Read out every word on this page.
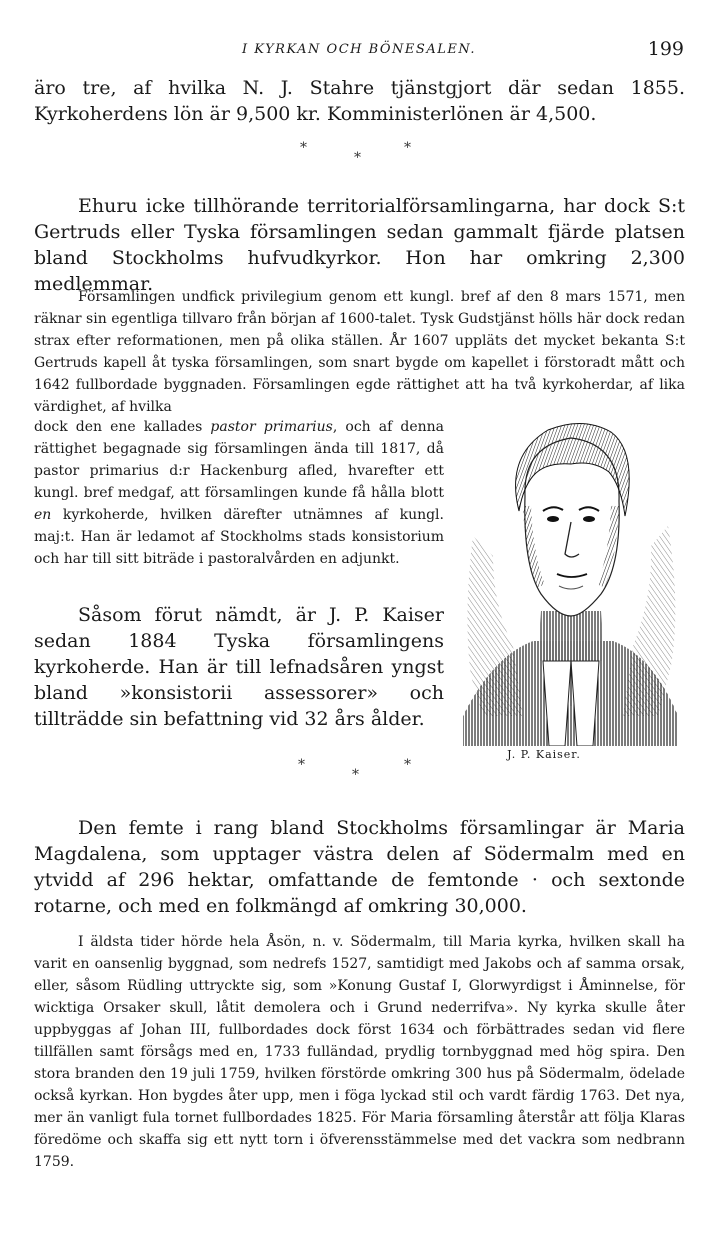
I KYRKAN OCH BÖNESALEN.	199

äro tre, af hvilka N. J. Stahre tjänstgjort där sedan 1855. Kyrkoherdens lön är 9,500 kr. Komministerlönen är 4,500.

*
*
*

Ehuru icke tillhörande territorialförsamlingarna, har dock S:t Gertruds eller Tyska församlingen sedan gammalt fjärde platsen bland Stockholms hufvudkyrkor. Hon har omkring 2,300 medlemmar.

Församlingen undfick privilegium genom ett kungl. bref af den 8 mars 1571, men räknar sin egentliga tillvaro från början af 1600-talet. Tysk Gudstjänst hölls här dock redan strax efter reformationen, men på olika ställen. År 1607 uppläts det mycket bekanta S:t Gertruds kapell åt tyska församlingen, som snart bygde om kapellet i förstoradt mått och 1642 fullbordade byggnaden. Församlingen egde rättighet att ha två kyrkoherdar, af lika värdighet, af hvilka

dock den ene kallades pastor primarius, och af denna rättighet begagnade sig församlingen ända till 1817, då pastor primarius d:r Hackenburg afled, hvarefter ett kungl. bref medgaf, att församlingen kunde få hålla blott en kyrkoherde, hvilken därefter utnämnes af kungl. maj:t. Han är ledamot af Stockholms stads konsistorium och har till sitt biträde i pastoralvården en adjunkt.

Såsom förut nämdt, är J. P. Kaiser sedan 1884 Tyska församlingens kyrkoherde. Han är till lefnadsåren yngst bland »konsistorii assessorer» och tillträdde sin befattning vid 32 års ålder.

J. P. Kaiser.
*
*
*

Den femte i rang bland Stockholms församlingar är Maria Magdalena, som upptager västra delen af Södermalm med en ytvidd af 296 hektar, omfattande de femtonde · och sextonde rotarne, och med en folkmängd af omkring 30,000.

I äldsta tider hörde hela Åsön, n. v. Södermalm, till Maria kyrka, hvilken skall ha varit en oansenlig byggnad, som nedrefs 1527, samtidigt med Jakobs och af samma orsak, eller, såsom Rüdling uttryckte sig, som »Konung Gustaf I, Glorwyrdigst i Åminnelse, för wicktiga Orsaker skull, låtit demolera och i Grund nederrifva». Ny kyrka skulle åter uppbyggas af Johan III, fullbordades dock först 1634 och förbättrades sedan vid flere tillfällen samt försågs med en, 1733 fulländad, prydlig tornbyggnad med hög spira. Den stora branden den 19 juli 1759, hvilken förstörde omkring 300 hus på Södermalm, ödelade också kyrkan. Hon bygdes åter upp, men i föga lyckad stil och vardt färdig 1763. Det nya, mer än vanligt fula tornet fullbordades 1825. För Maria församling återstår att följa Klaras föredöme och skaffa sig ett nytt torn i öfverensstämmelse med det vackra som nedbrann 1759.
